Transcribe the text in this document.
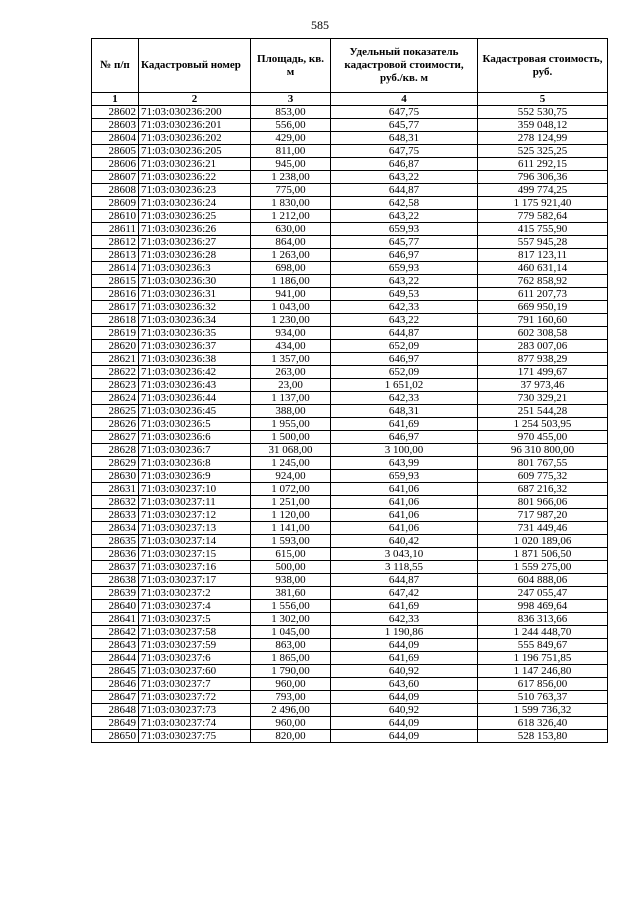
585
№ п/п	Кадастровый номер	Площадь, кв. м	Удельный показатель кадастровой стоимости, руб./кв. м	Кадастровая стоимость, руб.
1	2	3	4	5
28602	71:03:030236:200	853,00	647,75	552 530,75
28603	71:03:030236:201	556,00	645,77	359 048,12
28604	71:03:030236:202	429,00	648,31	278 124,99
28605	71:03:030236:205	811,00	647,75	525 325,25
28606	71:03:030236:21	945,00	646,87	611 292,15
28607	71:03:030236:22	1 238,00	643,22	796 306,36
28608	71:03:030236:23	775,00	644,87	499 774,25
28609	71:03:030236:24	1 830,00	642,58	1 175 921,40
28610	71:03:030236:25	1 212,00	643,22	779 582,64
28611	71:03:030236:26	630,00	659,93	415 755,90
28612	71:03:030236:27	864,00	645,77	557 945,28
28613	71:03:030236:28	1 263,00	646,97	817 123,11
28614	71:03:030236:3	698,00	659,93	460 631,14
28615	71:03:030236:30	1 186,00	643,22	762 858,92
28616	71:03:030236:31	941,00	649,53	611 207,73
28617	71:03:030236:32	1 043,00	642,33	669 950,19
28618	71:03:030236:34	1 230,00	643,22	791 160,60
28619	71:03:030236:35	934,00	644,87	602 308,58
28620	71:03:030236:37	434,00	652,09	283 007,06
28621	71:03:030236:38	1 357,00	646,97	877 938,29
28622	71:03:030236:42	263,00	652,09	171 499,67
28623	71:03:030236:43	23,00	1 651,02	37 973,46
28624	71:03:030236:44	1 137,00	642,33	730 329,21
28625	71:03:030236:45	388,00	648,31	251 544,28
28626	71:03:030236:5	1 955,00	641,69	1 254 503,95
28627	71:03:030236:6	1 500,00	646,97	970 455,00
28628	71:03:030236:7	31 068,00	3 100,00	96 310 800,00
28629	71:03:030236:8	1 245,00	643,99	801 767,55
28630	71:03:030236:9	924,00	659,93	609 775,32
28631	71:03:030237:10	1 072,00	641,06	687 216,32
28632	71:03:030237:11	1 251,00	641,06	801 966,06
28633	71:03:030237:12	1 120,00	641,06	717 987,20
28634	71:03:030237:13	1 141,00	641,06	731 449,46
28635	71:03:030237:14	1 593,00	640,42	1 020 189,06
28636	71:03:030237:15	615,00	3 043,10	1 871 506,50
28637	71:03:030237:16	500,00	3 118,55	1 559 275,00
28638	71:03:030237:17	938,00	644,87	604 888,06
28639	71:03:030237:2	381,60	647,42	247 055,47
28640	71:03:030237:4	1 556,00	641,69	998 469,64
28641	71:03:030237:5	1 302,00	642,33	836 313,66
28642	71:03:030237:58	1 045,00	1 190,86	1 244 448,70
28643	71:03:030237:59	863,00	644,09	555 849,67
28644	71:03:030237:6	1 865,00	641,69	1 196 751,85
28645	71:03:030237:60	1 790,00	640,92	1 147 246,80
28646	71:03:030237:7	960,00	643,60	617 856,00
28647	71:03:030237:72	793,00	644,09	510 763,37
28648	71:03:030237:73	2 496,00	640,92	1 599 736,32
28649	71:03:030237:74	960,00	644,09	618 326,40
28650	71:03:030237:75	820,00	644,09	528 153,80
